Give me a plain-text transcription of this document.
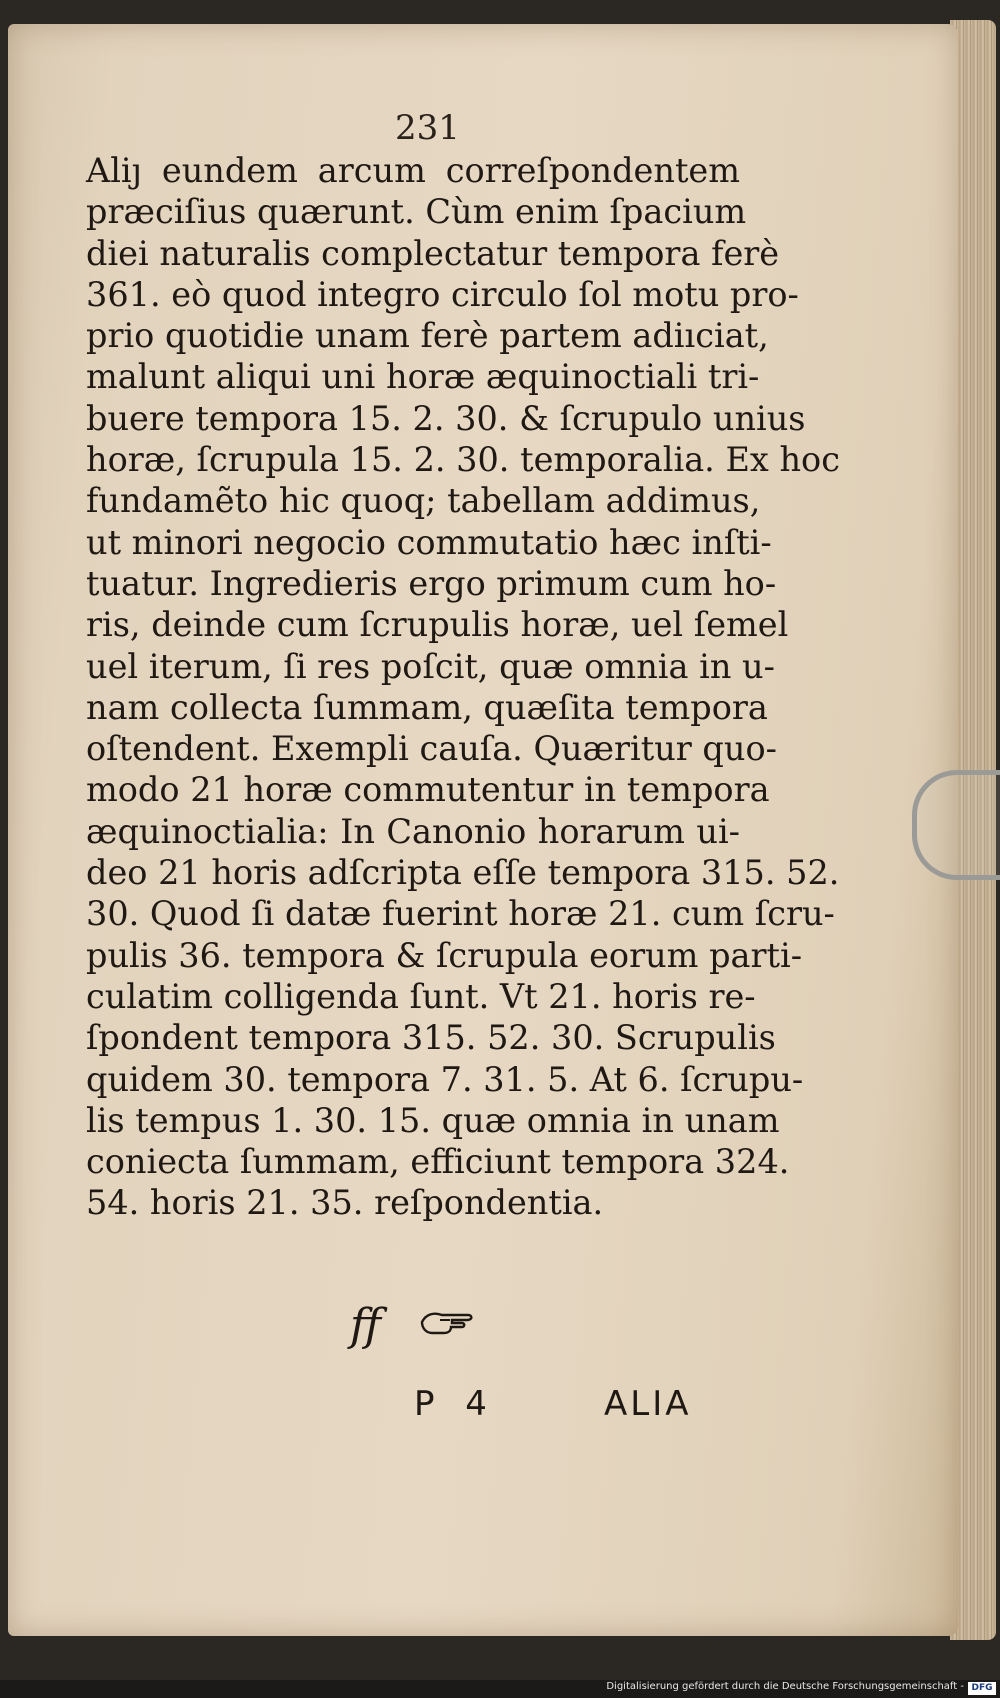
231
Aliȷ eundem arcum correſpondentem
præciſius quærunt. Cùm enim ſpacium
diei naturalis complectatur tempora ferè
361. eò quod integro circulo ſol motu pro-
prio quotidie unam ferè partem adiıciat,
malunt aliqui uni horæ æquinoctiali tri-
buere tempora 15. 2. 30. & ſcrupulo unius
horæ, ſcrupula 15. 2. 30. temporalia. Ex hoc
fundamẽto hic quoq; tabellam addimus,
ut minori negocio commutatio hæc inſti-
tuatur. Ingredieris ergo primum cum ho-
ris, deinde cum ſcrupulis horæ, uel ſemel
uel iterum, ſi res poſcit, quæ omnia in u-
nam collecta ſummam, quæſita tempora
oſtendent. Exempli cauſa. Quæritur quo-
modo 21 horæ commutentur in tempora
æquinoctialia: In Canonio horarum ui-
deo 21 horis adſcripta eſſe tempora 315. 52.
30. Quod ſi datæ fuerint horæ 21. cum ſcru-
pulis 36. tempora & ſcrupula eorum parti-
culatim colligenda ſunt. Vt 21. horis re-
ſpondent tempora 315. 52. 30. Scrupulis
quidem 30. tempora 7. 31. 5. At 6. ſcrupu-
lis tempus 1. 30. 15. quæ omnia in unam
coniecta ſummam, efficiunt tempora 324.
54. horis 21. 35. reſpondentia.
ff
P 4	ALIA
Digitalisierung gefördert durch die Deutsche Forschungsgemeinschaft - DFG
